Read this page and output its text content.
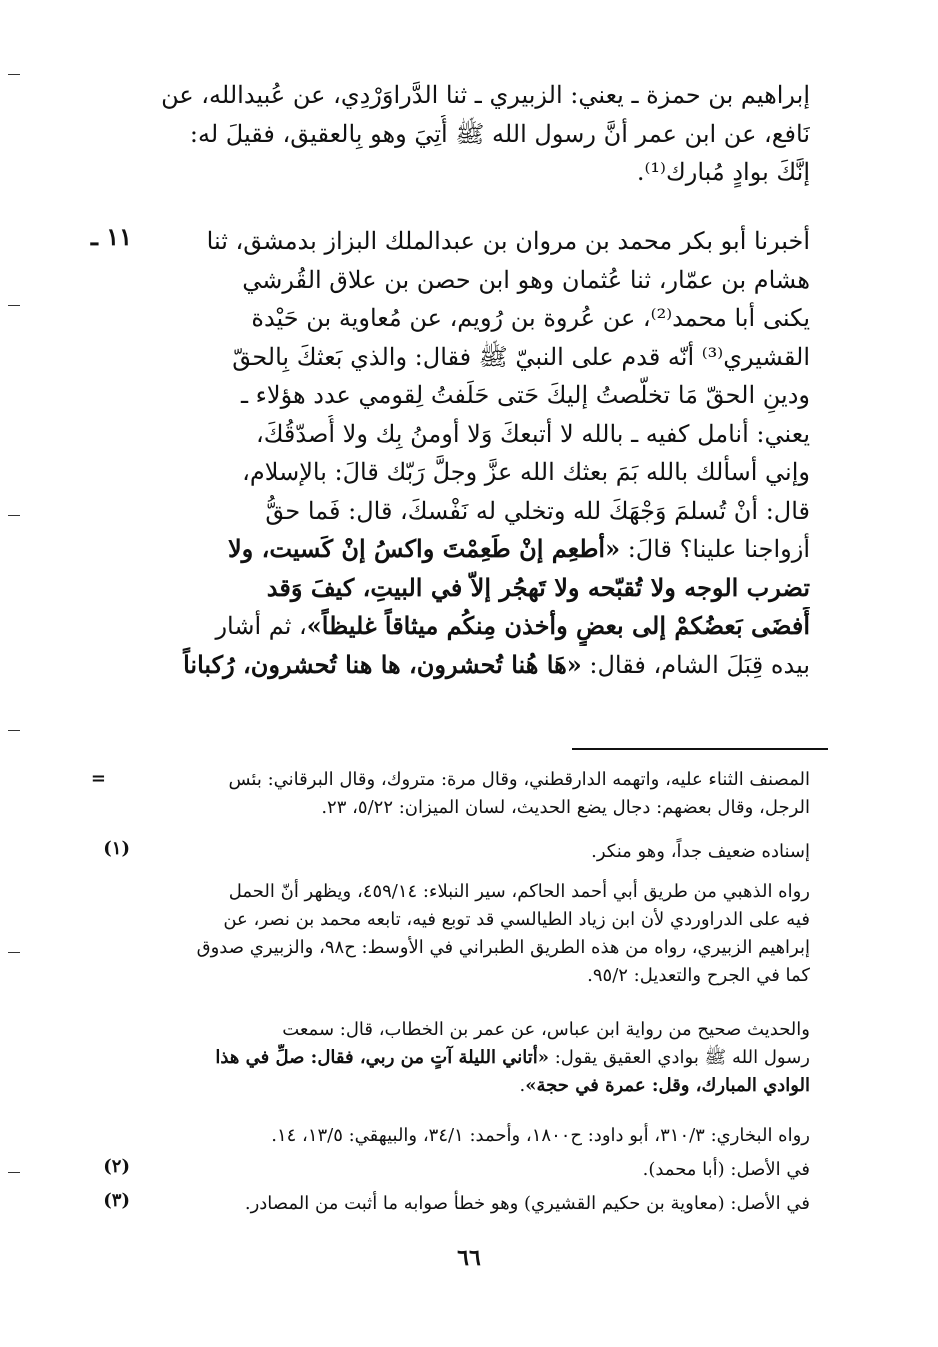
إبراهيم بن حمزة ـ يعني: الزبيري ـ ثنا الدَّراوَرْدِي، عن عُبيدالله، عن
نَافع، عن ابن عمر أنَّ رسول الله ﷺ أُتِيَ وهو بِالعقيق، فقيلَ له:
إنَّكَ بوادٍ مُبارك⁽¹⁾.
١١ ـ	أخبرنا أبو بكر محمد بن مروان بن عبدالملك البزاز بدمشق، ثنا
هشام بن عمّار، ثنا عُثمان وهو ابن حصن بن علاق القُرشي
يكنى أبا محمد⁽²⁾، عن عُروة بن رُويم، عن مُعاوية بن حَيْدة
القشيري⁽³⁾ أنّه قدم على النبيّ ﷺ فقال: والذي بَعثكَ بِالحقّ
ودينِ الحقّ مَا تخلّصتُ إليكَ حَتى حَلَفتُ لِقومي عدد هؤلاء ـ
يعني: أنامل كفيه ـ بالله لا أتبعكَ وَلا أومنُ بِك ولا أُصدّقُكَ،
وإني أسألك بالله بَمَ بعثك الله عزَّ وجلَّ رَبّك قالَ: بالإسلام،
قال: أنْ تُسلمَ وَجْهَكَ لله وتخلي له نَفْسكَ، قال: فَما حقُّ
أزواجنا علينا؟ قالَ: «أطعِم إنْ طَعِمْتَ واكسُ إنْ كَسيت، ولا
تضرب الوجه ولا تُقبّحه ولا تَهجُر إلاّ في البيتِ، كيفَ وَقد
أَفضَى بَعضُكمْ إلى بعضٍ وأخذن مِنكُم ميثاقاً غليظاً»، ثم أشار
بيده قِبَلَ الشام، فقال: «هَا هُنا تُحشرون، ها هنا تُحشرون، رُكباناً
=	المصنف الثناء عليه، واتهمه الدارقطني، وقال مرة: متروك، وقال البرقاني: بئس
الرجل، وقال بعضهم: دجال يضع الحديث، لسان الميزان: ٥/٢٢، ٢٣.
(١)	إسناده ضعيف جداً، وهو منكر.
رواه الذهبي من طريق أبي أحمد الحاكم، سير النبلاء: ٤٥٩/١٤، ويظهر أنّ الحمل
فيه على الدراوردي لأن ابن زياد الطيالسي قد توبع فيه، تابعه محمد بن نصر، عن
إبراهيم الزبيري، رواه من هذه الطريق الطبراني في الأوسط: ح٩٨، والزبيري صدوق
كما في الجرح والتعديل: ٩٥/٢.
والحديث صحيح من رواية ابن عباس، عن عمر بن الخطاب، قال: سمعت
رسول الله ﷺ بوادي العقيق يقول: «أتاني الليلة آتٍ من ربي، فقال: صلِّ في هذا
الوادي المبارك، وقل: عمرة في حجة».
رواه البخاري: ٣١٠/٣، أبو داود: ح١٨٠٠، وأحمد: ٣٤/١، والبيهقي: ١٣/٥، ١٤.
(٢)	في الأصل: (أبا محمد).
(٣)	في الأصل: (معاوية بن حكيم القشيري) وهو خطأ صوابه ما أثبت من المصادر.
٦٦
